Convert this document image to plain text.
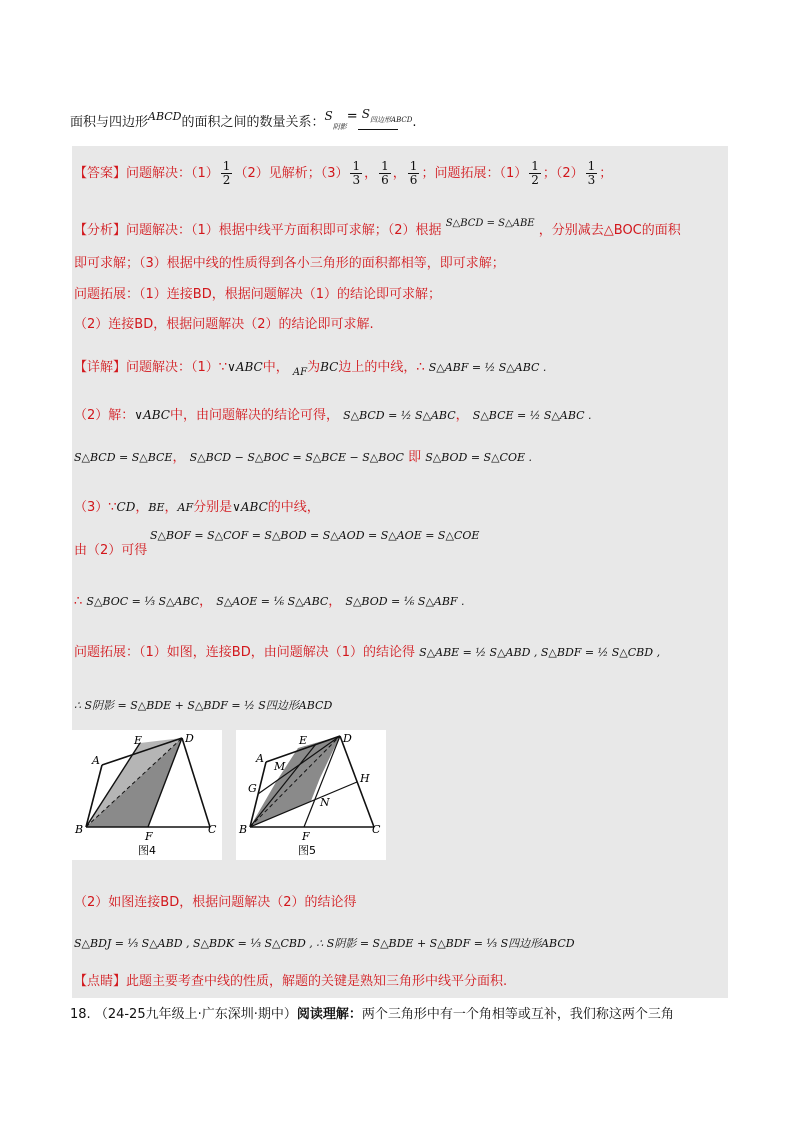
面积与四边形$^{ABCD}$的面积之间的数量关系：$S_{阴影}= S^{四边形ABCD}$.
【答案】问题解决：$(1) \frac{1}{2} (2)$见解析；$(3) \frac{1}{3}$ ， $\frac{1}{6}$ ， $\frac{1}{6}$ ；问题拓展：$(1) \frac{1}{2}$ ；$(2) \frac{1}{3}$ ；
【分析】问题解决：（1）根据中线平方面积即可求解；（2）根据 $^{S\triangle BCD = S\triangle ABE}$ ，分别减去△BOC的面积
即可求解；（3）根据中线的性质得到各小三角形的面积都相等，即可求解；
问题拓展：（1）连接BD，根据问题解决（1）的结论即可求解；
（2）连接BD，根据问题解决（2）的结论即可求解.
【详解】问题解决：（1）∵∨ABC中， $_{AF}$为BC边上的中线，∴ S△ABF = ½ S△ABC .
（2）解：∨ABC中，由问题解决的结论可得， S△BCD = ½ S△ABC， S△BCE = ½ S△ABC .
S△BCD = S△BCE， S△BCD − S△BOC = S△BCE − S△BOC 即 S△BOD = S△COE .
（3）∵CD，BE，AF分别是∨ABC的中线，
S△BOF = S△COF = S△BOD = S△AOD = S△AOE = S△COE
由（2）可得
∴ S△BOC = ⅓ S△ABC， S△AOE = ⅙ S△ABC， S△BOD = ⅙ S△ABF .
问题拓展：（1）如图，连接BD，由问题解决（1）的结论得 S△ABE = ½ S△ABD , S△BDF = ½ S△CBD ,
∴ S阴影 = S△BDE + S△BDF = ½ S四边形ABCD
A
E	D
B
F
C
图4
A
E	D
M
G
H
N
B
F
C
图5
（2）如图连接BD，根据问题解决（2）的结论得
S△BDJ = ⅓ S△ABD , S△BDK = ⅓ S△CBD , ∴ S阴影 = S△BDE + S△BDF = ⅓ S四边形ABCD
【点睛】此题主要考查中线的性质，解题的关键是熟知三角形中线平分面积.
18. （24-25九年级上·广东深圳·期中）阅读理解：两个三角形中有一个角相等或互补，我们称这两个三角
